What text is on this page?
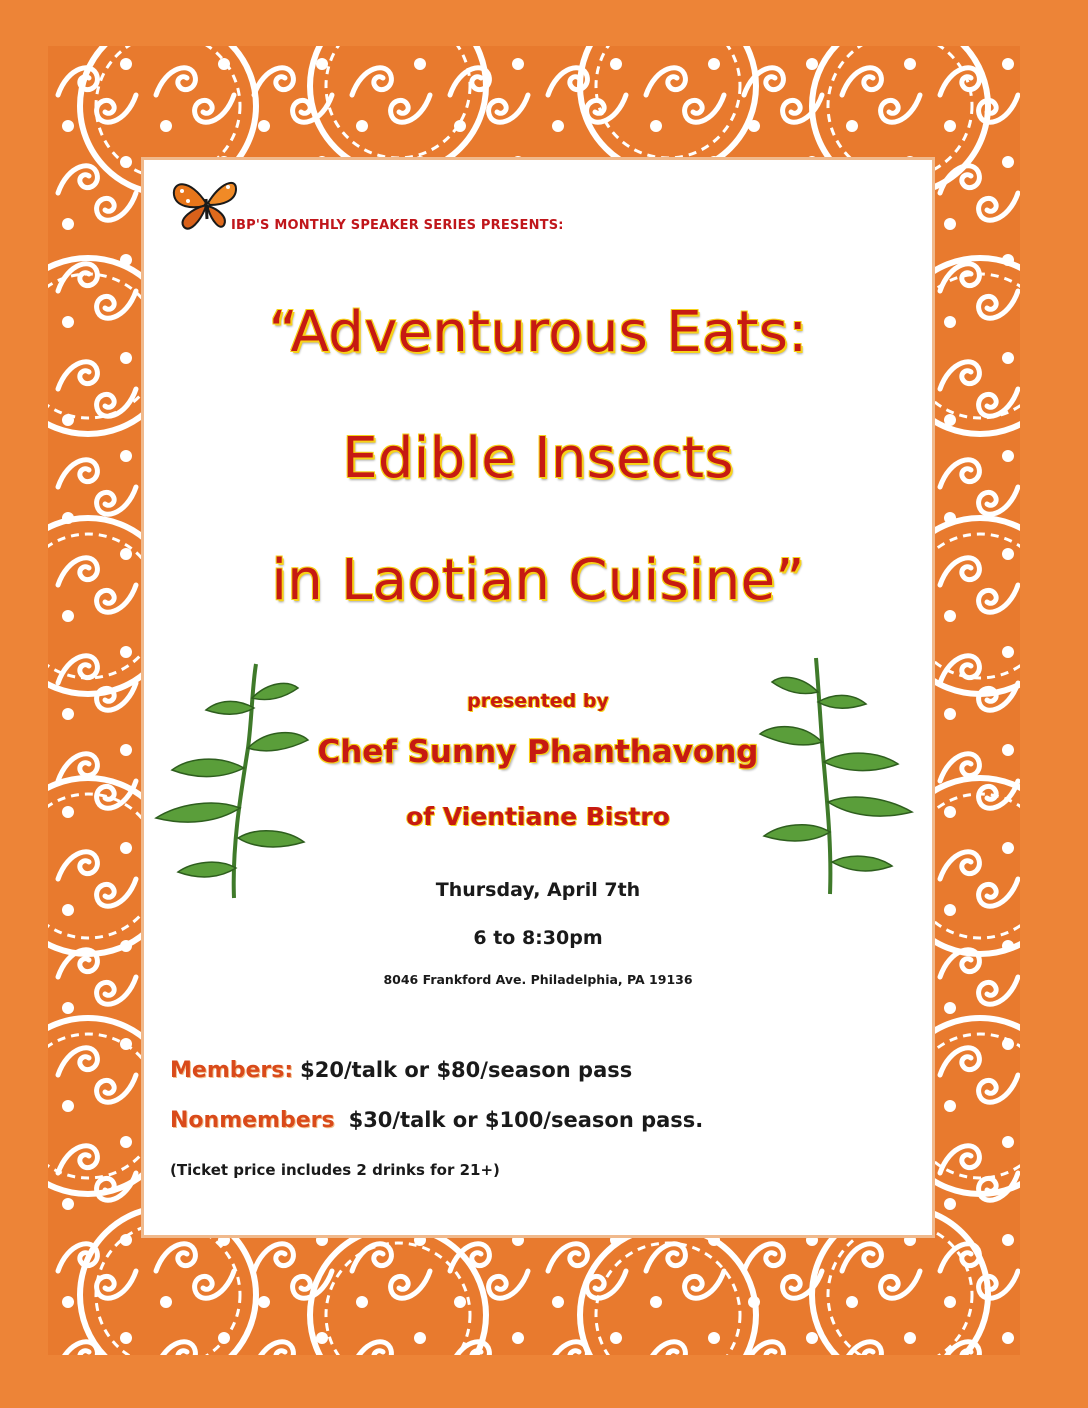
IBP'S MONTHLY SPEAKER SERIES PRESENTS:
“Adventurous Eats:
Edible Insects
in Laotian Cuisine”
presented by
Chef Sunny Phanthavong
of Vientiane Bistro
Thursday, April 7th
6 to 8:30pm
8046 Frankford Ave. Philadelphia, PA 19136
Members: $20/talk or $80/season pass
Nonmembers $30/talk or $100/season pass.
(Ticket price includes 2 drinks for 21+)
